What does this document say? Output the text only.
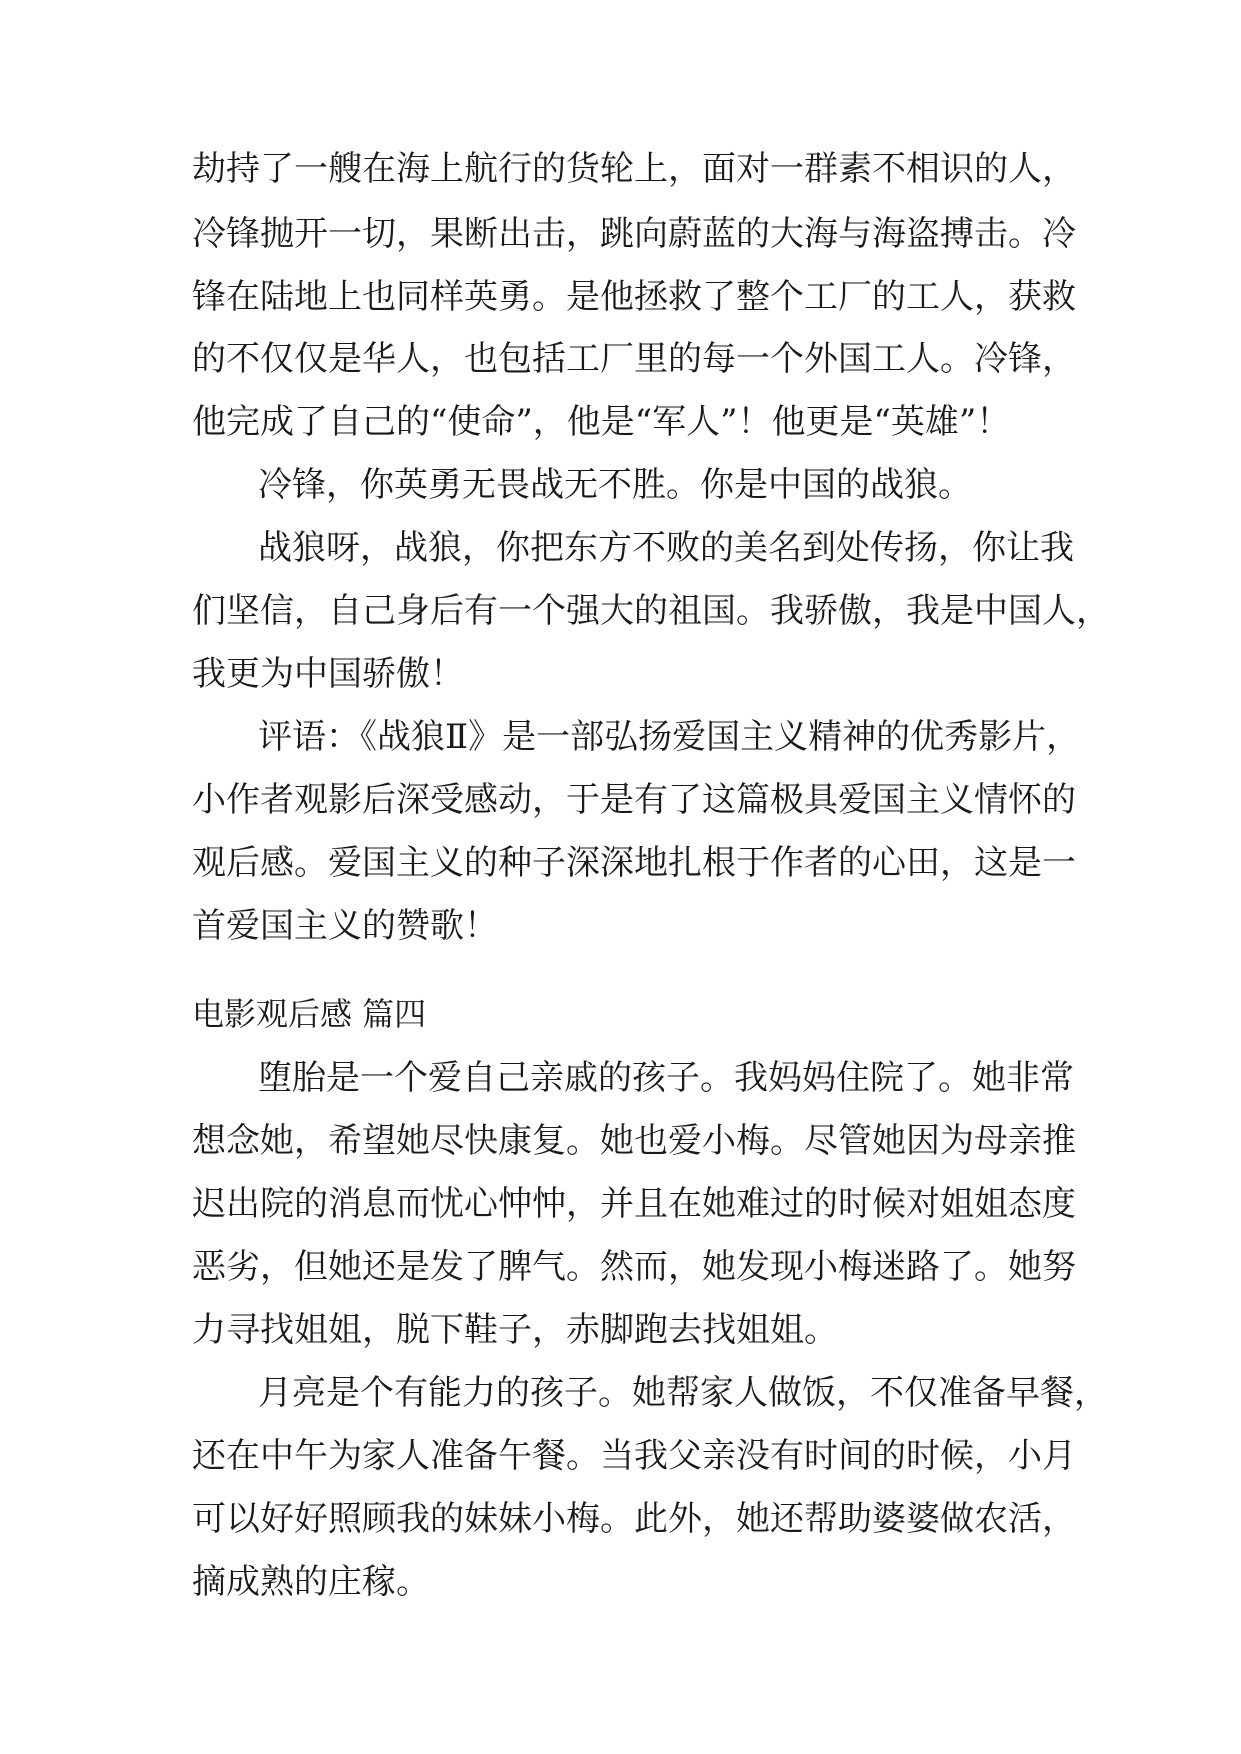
劫持了一艘在海上航行的货轮上，面对一群素不相识的人，
冷锋抛开一切，果断出击，跳向蔚蓝的大海与海盗搏击。冷
锋在陆地上也同样英勇。是他拯救了整个工厂的工人，获救
的不仅仅是华人，也包括工厂里的每一个外国工人。冷锋，
他完成了自己的“使命”，他是“军人”！他更是“英雄”！
冷锋，你英勇无畏战无不胜。你是中国的战狼。
战狼呀，战狼，你把东方不败的美名到处传扬，你让我
们坚信，自己身后有一个强大的祖国。我骄傲，我是中国人，
我更为中国骄傲！
评语：《战狼Ⅱ》是一部弘扬爱国主义精神的优秀影片，
小作者观影后深受感动，于是有了这篇极具爱国主义情怀的
观后感。爱国主义的种子深深地扎根于作者的心田，这是一
首爱国主义的赞歌！
电影观后感 篇四
堕胎是一个爱自己亲戚的孩子。我妈妈住院了。她非常
想念她，希望她尽快康复。她也爱小梅。尽管她因为母亲推
迟出院的消息而忧心忡忡，并且在她难过的时候对姐姐态度
恶劣，但她还是发了脾气。然而，她发现小梅迷路了。她努
力寻找姐姐，脱下鞋子，赤脚跑去找姐姐。
月亮是个有能力的孩子。她帮家人做饭，不仅准备早餐，
还在中午为家人准备午餐。当我父亲没有时间的时候，小月
可以好好照顾我的妹妹小梅。此外，她还帮助婆婆做农活，
摘成熟的庄稼。
